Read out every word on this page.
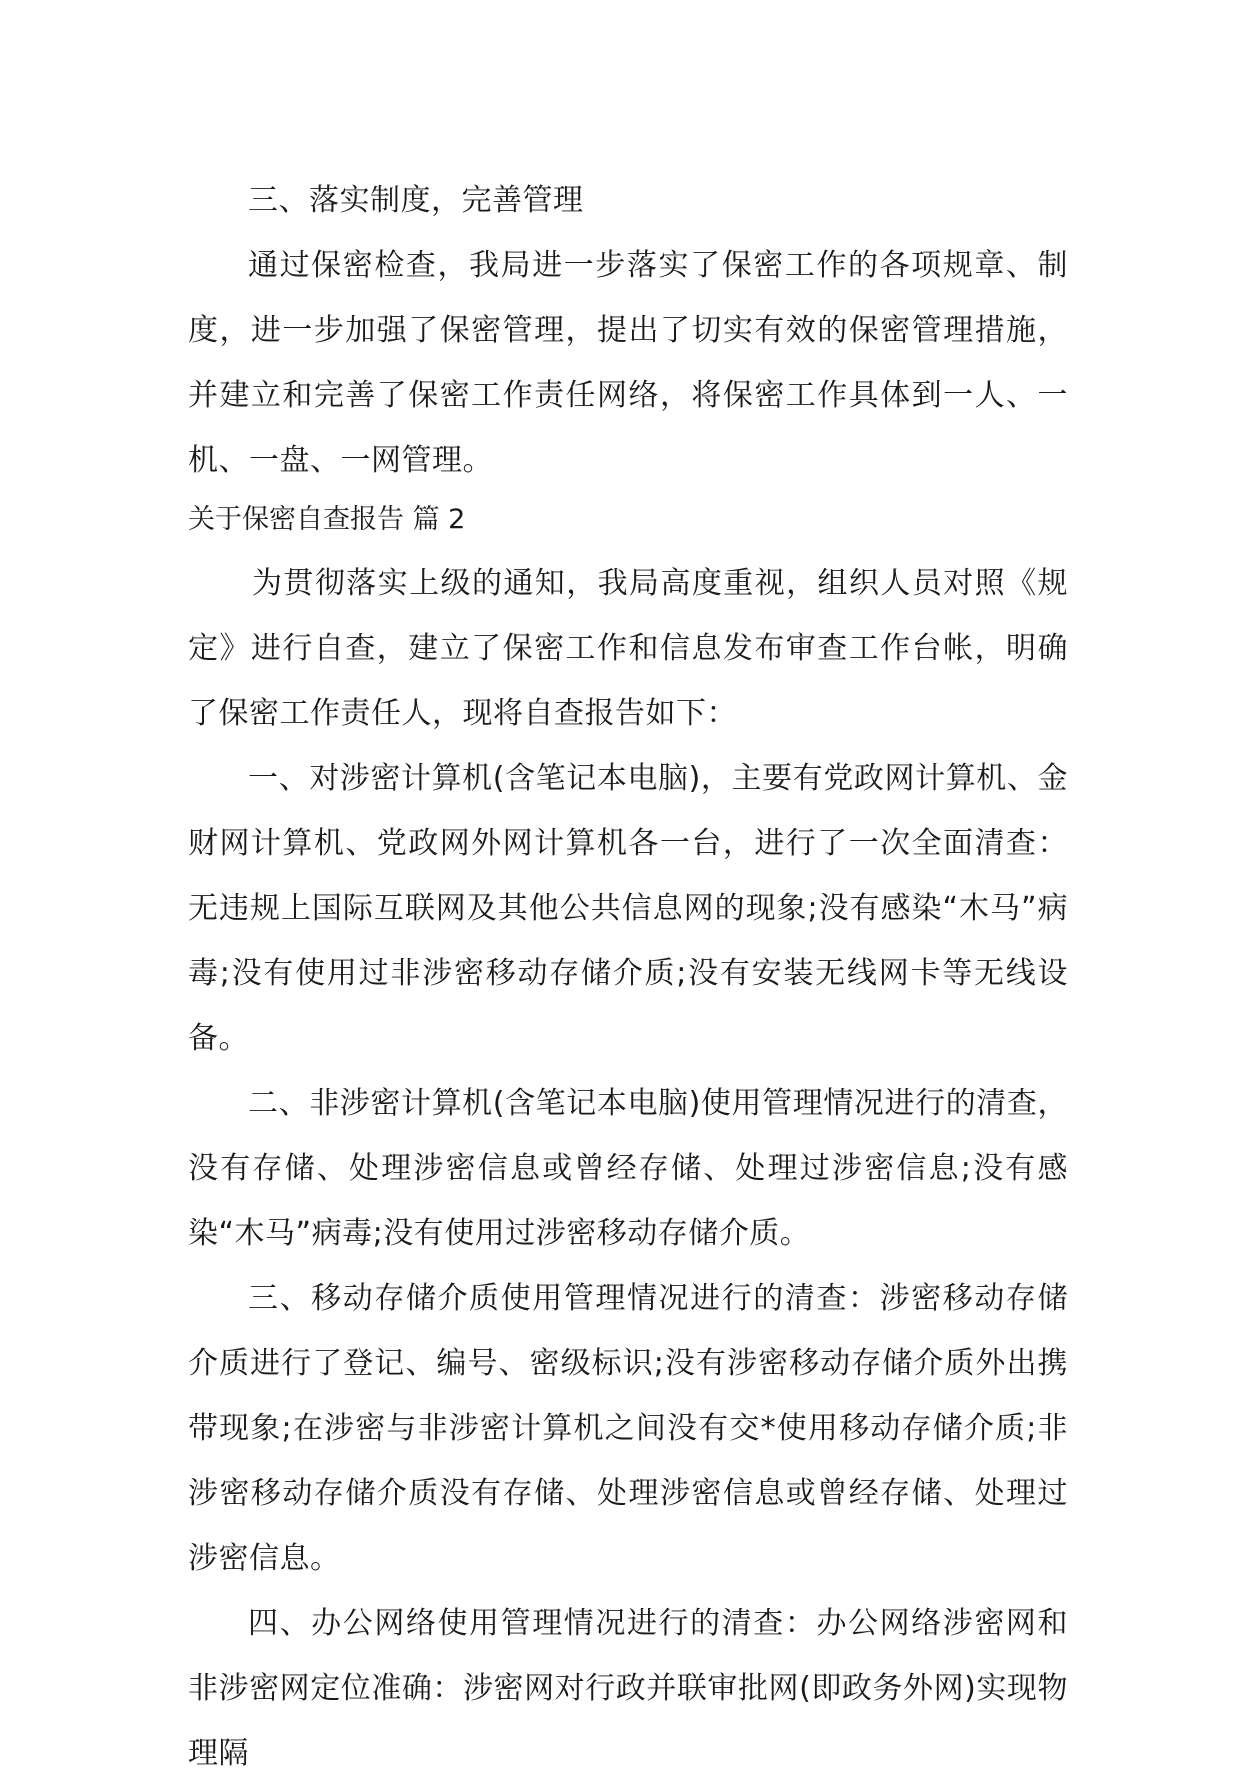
三、落实制度，完善管理

通过保密检查，我局进一步落实了保密工作的各项规章、制度，进一步加强了保密管理，提出了切实有效的保密管理措施，并建立和完善了保密工作责任网络，将保密工作具体到一人、一机、一盘、一网管理。

关于保密自查报告 篇 2

为贯彻落实上级的通知，我局高度重视，组织人员对照《规定》进行自查，建立了保密工作和信息发布审查工作台帐，明确了保密工作责任人，现将自查报告如下：

一、对涉密计算机(含笔记本电脑)，主要有党政网计算机、金财网计算机、党政网外网计算机各一台，进行了一次全面清查：无违规上国际互联网及其他公共信息网的现象;没有感染“木马”病毒;没有使用过非涉密移动存储介质;没有安装无线网卡等无线设备。

二、非涉密计算机(含笔记本电脑)使用管理情况进行的清查，没有存储、处理涉密信息或曾经存储、处理过涉密信息;没有感染“木马”病毒;没有使用过涉密移动存储介质。

三、移动存储介质使用管理情况进行的清查：涉密移动存储介质进行了登记、编号、密级标识;没有涉密移动存储介质外出携带现象;在涉密与非涉密计算机之间没有交*使用移动存储介质;非涉密移动存储介质没有存储、处理涉密信息或曾经存储、处理过涉密信息。

四、办公网络使用管理情况进行的清查：办公网络涉密网和非涉密网定位准确：涉密网对行政并联审批网(即政务外网)实现物理隔
